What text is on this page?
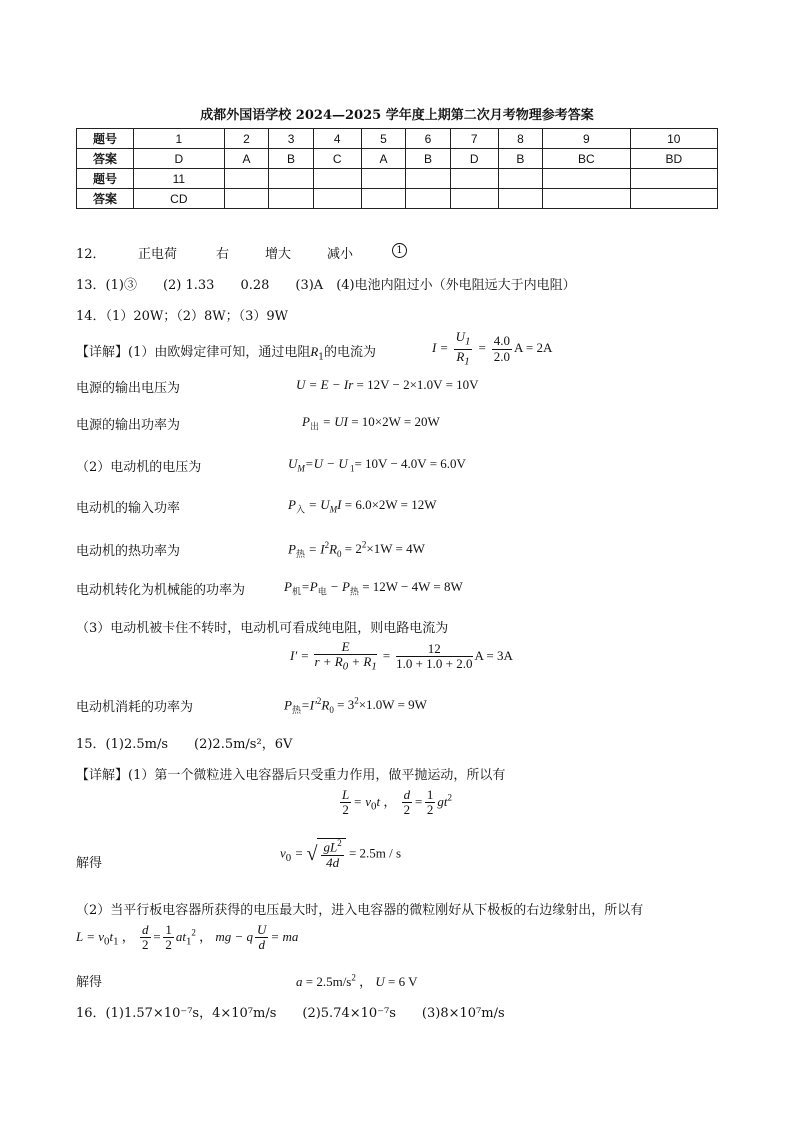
成都外国语学校 2024—2025 学年度上期第二次月考物理参考答案
题号	1	2	3	4	5	6	7	8	9	10
答案	D	A	B	C	A	B	D	B	BC	BD
题号	11									
答案	CD									
12． 正电荷	右	增大	减小	1
13．(1)③　　(2) 1.33　　0.28　　(3)A　(4)电池内阻过小（外电阻远大于内电阻）
14．（1）20W；（2）8W；（3）9W
【详解】(1）由欧姆定律可知，通过电阻$R_1$的电流为	$I = \frac{U_1}{R_1} = \frac{4.0}{2.0}$ A = 2A
电源的输出电压为	U = E − Ir = 12V − 2×1.0V = 10V
电源的输出功率为	$P_出$ = UI = 10×2W = 20W
（2）电动机的电压为	$U_M=U - U$ $_1$= 10V − 4.0V = 6.0V
电动机的输入功率	$P_入 = U_MI = 6.0\times 2W = 12W$
电动机的热功率为	$P_热 = I^2R_0 = 2^2\times 1W = 4W$
电动机转化为机械能的功率为	$P_机=P_电 - P_热 = 12W - 4W = 8W$
（3）电动机被卡住不转时，电动机可看成纯电阻，则电路电流为
$I' = \frac{E}{r + R_0 + R_1} = \frac{12}{1.0 + 1.0 + 2.0}$ A = 3A
电动机消耗的功率为	$P_热=I'^2R_0 = 3^2\times 1.0W = 9W$
15．(1)2.5m/s　　(2)2.5m/s²，6V
【详解】(1）第一个微粒进入电容器后只受重力作用，做平抛运动，所以有
$\frac{L}{2} = v_0t$ ， $\frac{d}{2} = \frac{1}{2} gt^2$
解得
$v_0$ = √ $\frac{gL^2}{4d} = 2.5m / s$
（2）当平行板电容器所获得的电压最大时，进入电容器的微粒刚好从下极板的右边缘射出，所以有
$L = v_0t_1$ ， $\frac{d}{2} = \frac{1}{2} at_1^2$ ， mg − q $\frac{U}{d}$ = ma
解得	$a = 2.5m/s^2$ ， U = 6 V
16．(1)1.57×10⁻⁷s，4×10⁷m/s　　(2)5.74×10⁻⁷s　　(3)8×10⁷m/s
